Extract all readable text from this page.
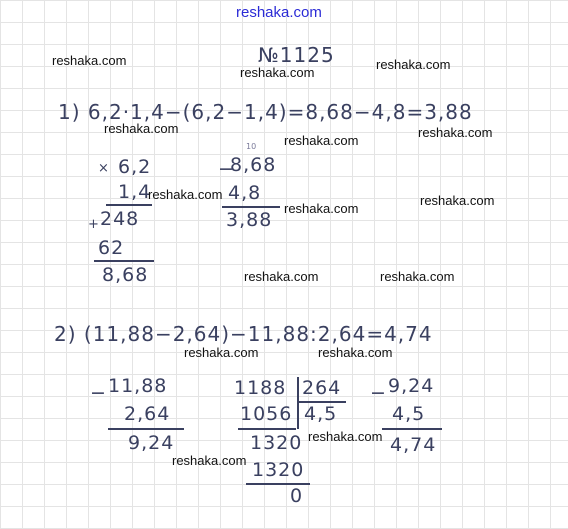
reshaka.com
№1125
reshaka.com
reshaka.com
reshaka.com
1) 6,2·1,4−(6,2−1,4)=8,68−4,8=3,88
reshaka.com
reshaka.com
reshaka.com
× 6,2
1,4
+ 248
62
8,68
10
−
8,68
4,8
3,88
reshaka.com
reshaka.com
reshaka.com
reshaka.com	reshaka.com
2) (11,88−2,64)−11,88:2,64=4,74
reshaka.com	reshaka.com
− 11,88
2,64
9,24
1188 264
1056 4,5
1320
1320
0
− 9,24
4,5
4,74
reshaka.com
reshaka.com
